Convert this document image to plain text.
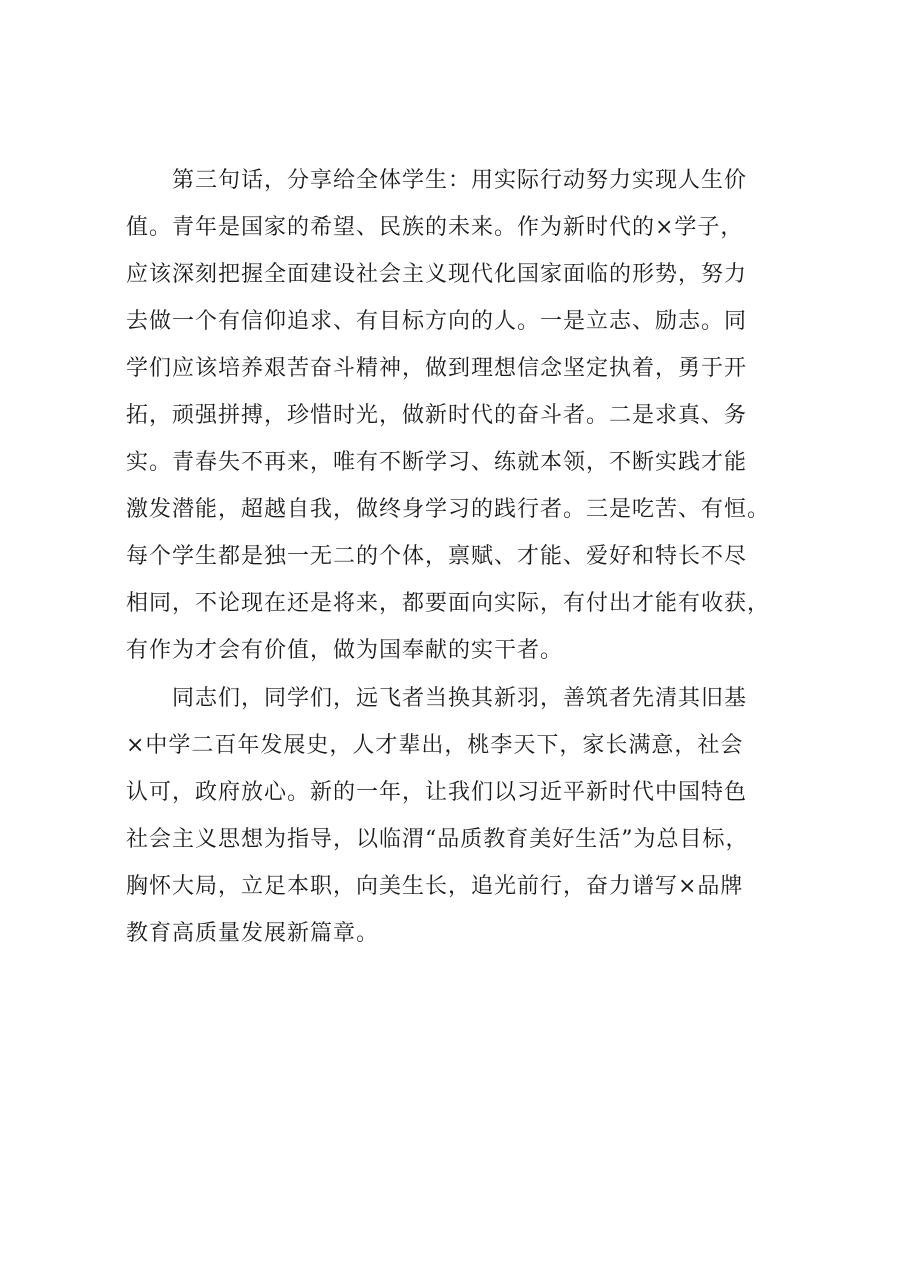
第三句话，分享给全体学生：用实际行动努力实现人生价
值。青年是国家的希望、民族的未来。作为新时代的×学子，
应该深刻把握全面建设社会主义现代化国家面临的形势，努力
去做一个有信仰追求、有目标方向的人。一是立志、励志。同
学们应该培养艰苦奋斗精神，做到理想信念坚定执着，勇于开
拓，顽强拼搏，珍惜时光，做新时代的奋斗者。二是求真、务
实。青春失不再来，唯有不断学习、练就本领，不断实践才能
激发潜能，超越自我，做终身学习的践行者。三是吃苦、有恒。
每个学生都是独一无二的个体，禀赋、才能、爱好和特长不尽
相同，不论现在还是将来，都要面向实际，有付出才能有收获，
有作为才会有价值，做为国奉献的实干者。
同志们，同学们，远飞者当换其新羽，善筑者先清其旧基
×中学二百年发展史，人才辈出，桃李天下，家长满意，社会
认可，政府放心。新的一年，让我们以习近平新时代中国特色
社会主义思想为指导，以临渭“品质教育美好生活”为总目标，
胸怀大局，立足本职，向美生长，追光前行，奋力谱写×品牌
教育高质量发展新篇章。
